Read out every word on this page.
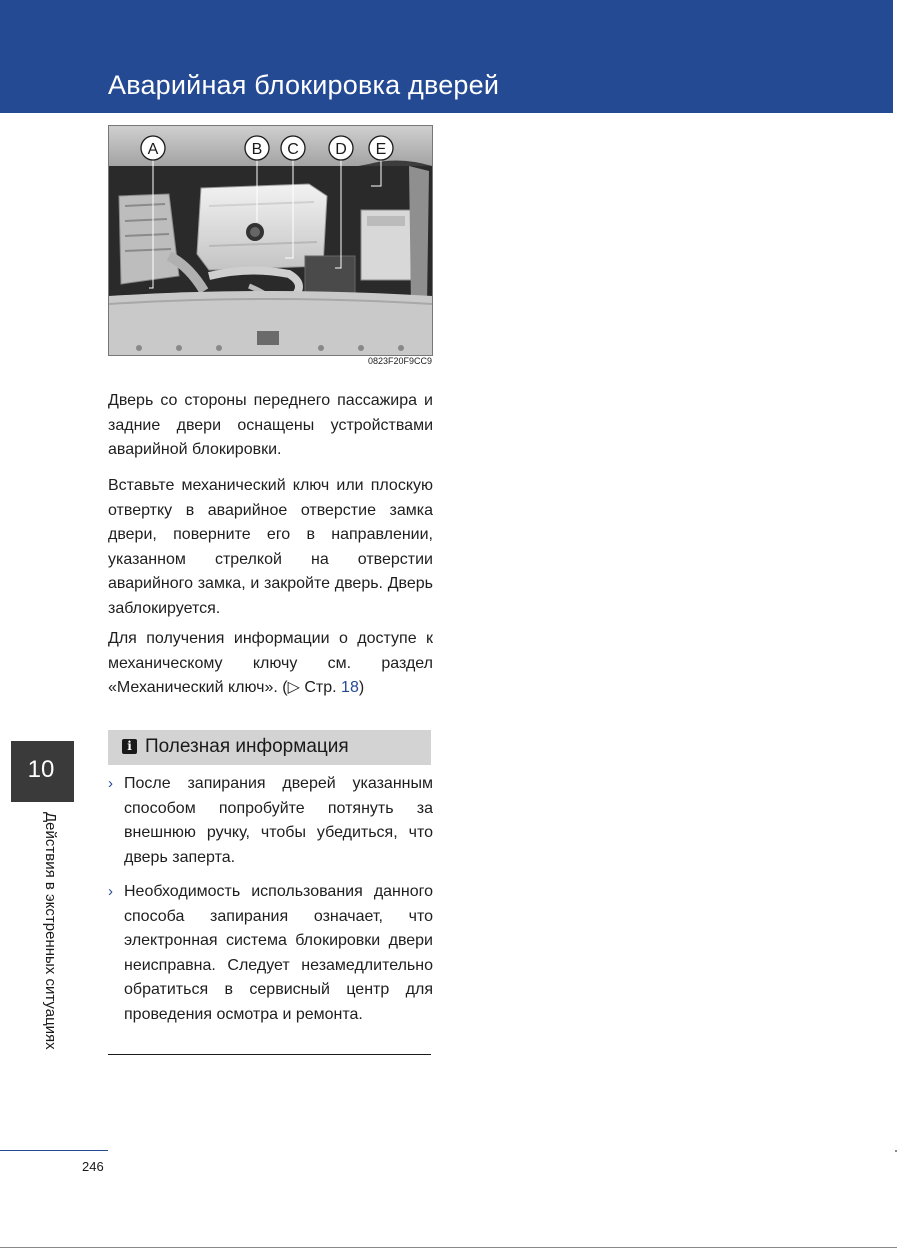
Аварийная блокировка дверей
A	B C D E
0823F20F9CC9
Дверь со стороны переднего пассажира и задние двери оснащены устройствами аварийной блокировки.
Вставьте механический ключ или плоскую отвертку в аварийное отверстие замка двери, поверните его в направлении, указанном стрелкой на отверстии аварийного замка, и закройте дверь. Дверь заблокируется.
Для получения информации о доступе к механическому ключу см. раздел «Механический ключ». (▷ Стр. 18)
i Полезная информация
› После запирания дверей указанным способом попробуйте потянуть за внешнюю ручку, чтобы убедиться, что дверь заперта.
› Необходимость использования данного способа запирания означает, что электронная система блокировки двери неисправна. Следует незамедлительно обратиться в сервисный центр для проведения осмотра и ремонта.
10
Действия в экстренных ситуациях
246
